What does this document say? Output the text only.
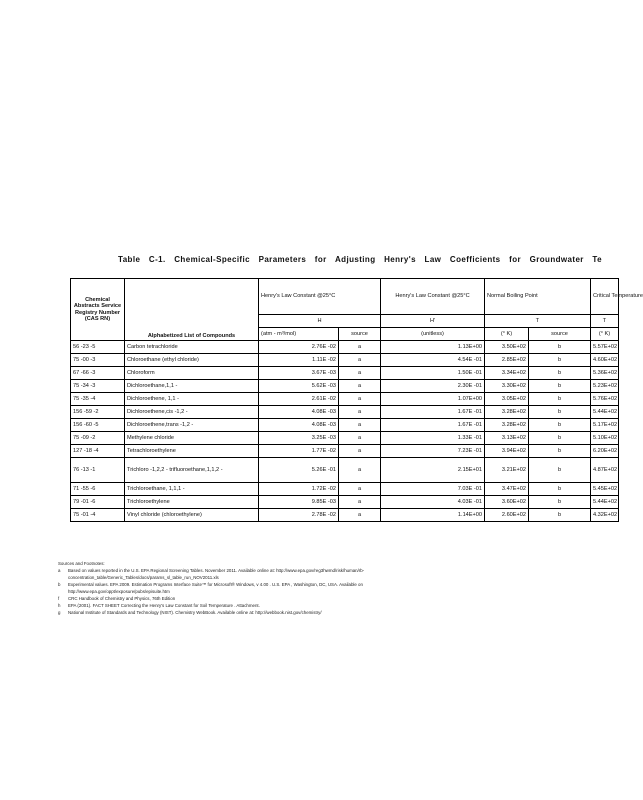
Table C-1. Chemical-Specific Parameters for Adjusting Henry's Law Coefficients for Groundwater Te
Chemical Abstracts Service Registry Number (CAS RN)	Alphabetized List of Compounds	Henry's Law Constant @25°C		Henry's Law Constant @25°C	Normal Boiling Point		Critical Temperature	
		H		H'	T		T	
		(atm - m³/mol)	source	(unitless)	(° K)	source	(° K)	
56 -23 -5	Carbon tetrachloride	2.76E -02	a	1.13E+00	3.50E+02	b	5.57E+02	
75 -00 -3	Chloroethane (ethyl chloride)	1.11E -02	a	4.54E -01	2.85E+02	b	4.60E+02	
67 -66 -3	Chloroform	3.67E -03	a	1.50E -01	3.34E+02	b	5.36E+02	
75 -34 -3	Dichloroethane,1,1 -	5.62E -03	a	2.30E -01	3.30E+02	b	5.23E+02	
75 -35 -4	Dichloroethene, 1,1 -	2.61E -02	a	1.07E+00	3.05E+02	b	5.76E+02	
156 -59 -2	Dichloroethene,cis -1,2 -	4.08E -03	a	1.67E -01	3.28E+02	b	5.44E+02	
156 -60 -5	Dichloroethene,trans -1,2 -	4.08E -03	a	1.67E -01	3.28E+02	b	5.17E+02	
75 -09 -2	Methylene chloride	3.25E -03	a	1.33E -01	3.13E+02	b	5.10E+02	
127 -18 -4	Tetrachloroethylene	1.77E -02	a	7.23E -01	3.94E+02	b	6.20E+02	
76 -13 -1	Trichloro -1,2,2 - trifluoroethane,1,1,2 -	5.26E -01	a	2.15E+01	3.21E+02	b	4.87E+02	
71 -55 -6	Trichloroethane, 1,1,1 -	1.72E -02	a	7.03E -01	3.47E+02	b	5.45E+02	
79 -01 -6	Trichloroethylene	9.85E -03	a	4.03E -01	3.60E+02	b	5.44E+02	
75 -01 -4	Vinyl chloride (chloroethylene)	2.78E -02	a	1.14E+00	2.60E+02	b	4.32E+02	
Sources and Footnotes:
a Based on values reported in the U.S. EPA Regional Screening Tables. November 2011. Available online at: http://www.epa.gov/reg3hwmd/risk/human/rb-
concentration_table/Generic_Tables/docs/params_sl_table_run_NOV2011.xls
b Experimental values. EPA 2009. Estimation Programs Interface Suite™ for Microsoft® Windows, v 4.00 . U.S. EPA , Washington, DC, USA. Available on
http://www.epa.gov/oppt/exposure/pubs/episuite.htm
f CRC Handbook of Chemistry and Physics, 76th Edition
h EPA (2001). FACT SHEET Correcting the Henry's Law Constant for Soil Temperature . Attachment.
g National Institute of Standards and Technology (NIST). Chemistry WebBook. Available online at: http://webbook.nist.gov/chemistry/
